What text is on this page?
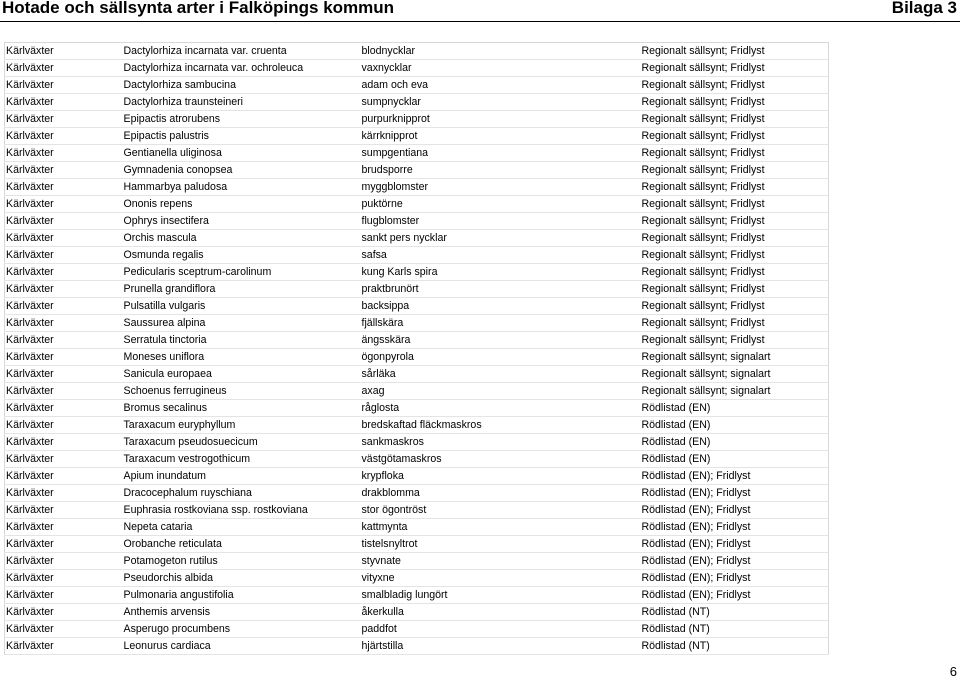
Hotade och sällsynta arter i Falköpings kommun	Bilaga 3
Kärlväxter	Dactylorhiza incarnata var. cruenta	blodnycklar	Regionalt sällsynt; Fridlyst
Kärlväxter	Dactylorhiza incarnata var. ochroleuca	vaxnycklar	Regionalt sällsynt; Fridlyst
Kärlväxter	Dactylorhiza sambucina	adam och eva	Regionalt sällsynt; Fridlyst
Kärlväxter	Dactylorhiza traunsteineri	sumpnycklar	Regionalt sällsynt; Fridlyst
Kärlväxter	Epipactis atrorubens	purpurknipprot	Regionalt sällsynt; Fridlyst
Kärlväxter	Epipactis palustris	kärrknipprot	Regionalt sällsynt; Fridlyst
Kärlväxter	Gentianella uliginosa	sumpgentiana	Regionalt sällsynt; Fridlyst
Kärlväxter	Gymnadenia conopsea	brudsporre	Regionalt sällsynt; Fridlyst
Kärlväxter	Hammarbya paludosa	myggblomster	Regionalt sällsynt; Fridlyst
Kärlväxter	Ononis repens	puktörne	Regionalt sällsynt; Fridlyst
Kärlväxter	Ophrys insectifera	flugblomster	Regionalt sällsynt; Fridlyst
Kärlväxter	Orchis mascula	sankt pers nycklar	Regionalt sällsynt; Fridlyst
Kärlväxter	Osmunda regalis	safsa	Regionalt sällsynt; Fridlyst
Kärlväxter	Pedicularis sceptrum-carolinum	kung Karls spira	Regionalt sällsynt; Fridlyst
Kärlväxter	Prunella grandiflora	praktbrunört	Regionalt sällsynt; Fridlyst
Kärlväxter	Pulsatilla vulgaris	backsippa	Regionalt sällsynt; Fridlyst
Kärlväxter	Saussurea alpina	fjällskära	Regionalt sällsynt; Fridlyst
Kärlväxter	Serratula tinctoria	ängsskära	Regionalt sällsynt; Fridlyst
Kärlväxter	Moneses uniflora	ögonpyrola	Regionalt sällsynt; signalart
Kärlväxter	Sanicula europaea	sårläka	Regionalt sällsynt; signalart
Kärlväxter	Schoenus ferrugineus	axag	Regionalt sällsynt; signalart
Kärlväxter	Bromus secalinus	råglosta	Rödlistad (EN)
Kärlväxter	Taraxacum euryphyllum	bredskaftad fläckmaskros	Rödlistad (EN)
Kärlväxter	Taraxacum pseudosuecicum	sankmaskros	Rödlistad (EN)
Kärlväxter	Taraxacum vestrogothicum	västgötamaskros	Rödlistad (EN)
Kärlväxter	Apium inundatum	krypfloka	Rödlistad (EN); Fridlyst
Kärlväxter	Dracocephalum ruyschiana	drakblomma	Rödlistad (EN); Fridlyst
Kärlväxter	Euphrasia rostkoviana ssp. rostkoviana	stor ögontröst	Rödlistad (EN); Fridlyst
Kärlväxter	Nepeta cataria	kattmynta	Rödlistad (EN); Fridlyst
Kärlväxter	Orobanche reticulata	tistelsnyltrot	Rödlistad (EN); Fridlyst
Kärlväxter	Potamogeton rutilus	styvnate	Rödlistad (EN); Fridlyst
Kärlväxter	Pseudorchis albida	vityxne	Rödlistad (EN); Fridlyst
Kärlväxter	Pulmonaria angustifolia	smalbladig lungört	Rödlistad (EN); Fridlyst
Kärlväxter	Anthemis arvensis	åkerkulla	Rödlistad (NT)
Kärlväxter	Asperugo procumbens	paddfot	Rödlistad (NT)
Kärlväxter	Leonurus cardiaca	hjärtstilla	Rödlistad (NT)
6
